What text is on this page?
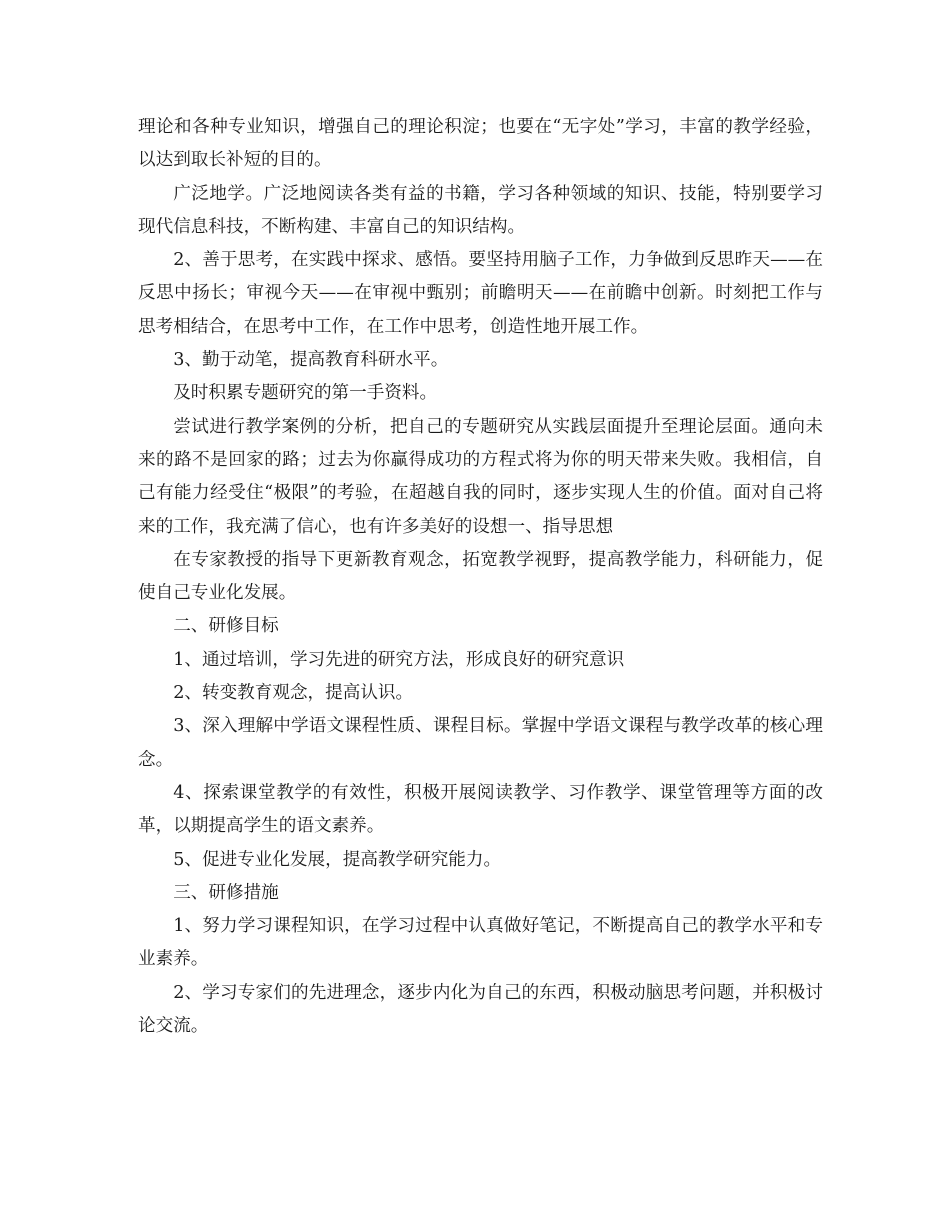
理论和各种专业知识，增强自己的理论积淀；也要在“无字处”学习，丰富的教学经验，以达到取长补短的目的。

广泛地学。广泛地阅读各类有益的书籍，学习各种领域的知识、技能，特别要学习现代信息科技，不断构建、丰富自己的知识结构。

2、善于思考，在实践中探求、感悟。要坚持用脑子工作，力争做到反思昨天——在反思中扬长；审视今天——在审视中甄别；前瞻明天——在前瞻中创新。时刻把工作与思考相结合，在思考中工作，在工作中思考，创造性地开展工作。

3、勤于动笔，提高教育科研水平。

及时积累专题研究的第一手资料。

尝试进行教学案例的分析，把自己的专题研究从实践层面提升至理论层面。通向未来的路不是回家的路；过去为你赢得成功的方程式将为你的明天带来失败。我相信，自己有能力经受住“极限”的考验，在超越自我的同时，逐步实现人生的价值。面对自己将来的工作，我充满了信心，也有许多美好的设想一、指导思想

在专家教授的指导下更新教育观念，拓宽教学视野，提高教学能力，科研能力，促使自己专业化发展。

二、研修目标

1、通过培训，学习先进的研究方法，形成良好的研究意识

2、转变教育观念，提高认识。

3、深入理解中学语文课程性质、课程目标。掌握中学语文课程与教学改革的核心理念。

4、探索课堂教学的有效性，积极开展阅读教学、习作教学、课堂管理等方面的改革，以期提高学生的语文素养。

5、促进专业化发展，提高教学研究能力。

三、研修措施

1、努力学习课程知识，在学习过程中认真做好笔记，不断提高自己的教学水平和专业素养。

2、学习专家们的先进理念，逐步内化为自己的东西，积极动脑思考问题，并积极讨论交流。
